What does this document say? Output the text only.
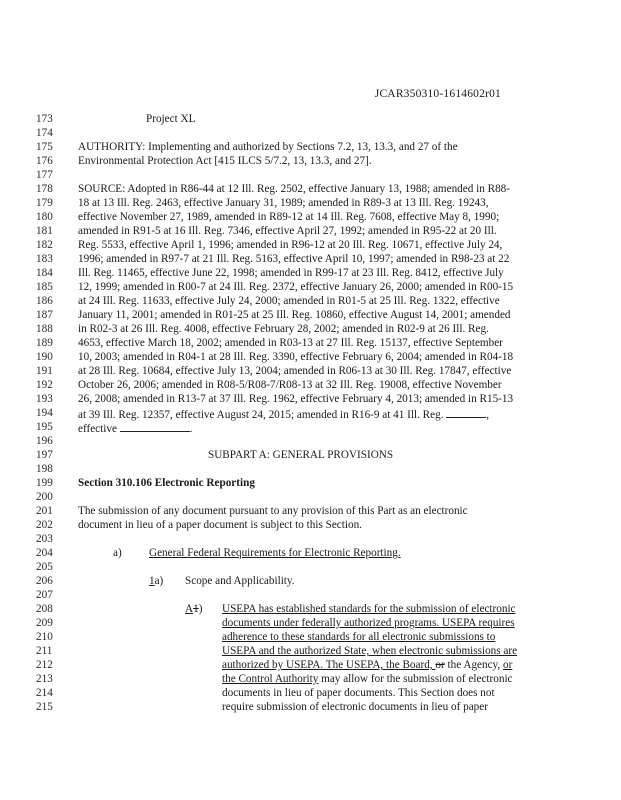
JCAR350310-1614602r01
173	Project XL
174
175	AUTHORITY: Implementing and authorized by Sections 7.2, 13, 13.3, and 27 of the
176	Environmental Protection Act [415 ILCS 5/7.2, 13, 13.3, and 27].
177
178	SOURCE: Adopted in R86-44 at 12 Ill. Reg. 2502, effective January 13, 1988; amended in R88-
179	18 at 13 Ill. Reg. 2463, effective January 31, 1989; amended in R89-3 at 13 Ill. Reg. 19243,
180	effective November 27, 1989, amended in R89-12 at 14 Ill. Reg. 7608, effective May 8, 1990;
181	amended in R91-5 at 16 Ill. Reg. 7346, effective April 27, 1992; amended in R95-22 at 20 Ill.
182	Reg. 5533, effective April 1, 1996; amended in R96-12 at 20 Ill. Reg. 10671, effective July 24,
183	1996; amended in R97-7 at 21 Ill. Reg. 5163, effective April 10, 1997; amended in R98-23 at 22
184	Ill. Reg. 11465, effective June 22, 1998; amended in R99-17 at 23 Ill. Reg. 8412, effective July
185	12, 1999; amended in R00-7 at 24 Ill. Reg. 2372, effective January 26, 2000; amended in R00-15
186	at 24 Ill. Reg. 11633, effective July 24, 2000; amended in R01-5 at 25 Ill. Reg. 1322, effective
187	January 11, 2001; amended in R01-25 at 25 Ill. Reg. 10860, effective August 14, 2001; amended
188	in R02-3 at 26 Ill. Reg. 4008, effective February 28, 2002; amended in R02-9 at 26 Ill. Reg.
189	4653, effective March 18, 2002; amended in R03-13 at 27 Ill. Reg. 15137, effective September
190	10, 2003; amended in R04-1 at 28 Ill. Reg. 3390, effective February 6, 2004; amended in R04-18
191	at 28 Ill. Reg. 10684, effective July 13, 2004; amended in R06-13 at 30 Ill. Reg. 17847, effective
192	October 26, 2006; amended in R08-5/R08-7/R08-13 at 32 Ill. Reg. 19008, effective November
193	26, 2008; amended in R13-7 at 37 Ill. Reg. 1962, effective February 4, 2013; amended in R15-13
194	at 39 Ill. Reg. 12357, effective August 24, 2015; amended in R16-9 at 41 Ill. Reg.	,
195	effective	.
196
197	SUBPART A: GENERAL PROVISIONS
198
199	Section 310.106 Electronic Reporting
200
201	The submission of any document pursuant to any provision of this Part as an electronic
202	document in lieu of a paper document is subject to this Section.
203
204	a) General Federal Requirements for Electronic Reporting.
205
206	1a) Scope and Applicability.
207
208	A1) USEPA has established standards for the submission of electronic
209	documents under federally authorized programs. USEPA requires
210	adherence to these standards for all electronic submissions to
211	USEPA and the authorized State, when electronic submissions are
212	authorized by USEPA. The USEPA, the Board, or the Agency, or
213	the Control Authority may allow for the submission of electronic
214	documents in lieu of paper documents. This Section does not
215	require submission of electronic documents in lieu of paper
